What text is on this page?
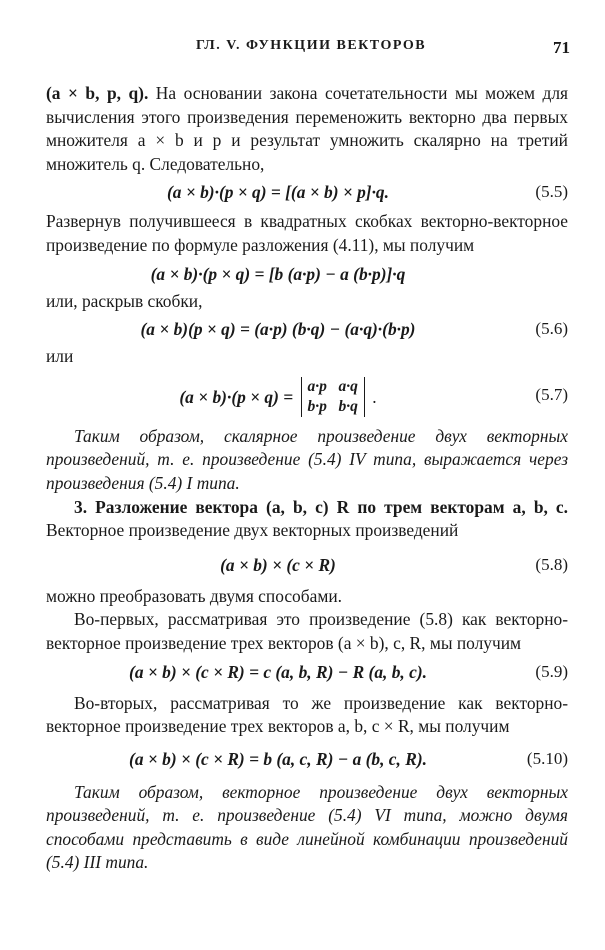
ГЛ. V. ФУНКЦИИ ВЕКТОРОВ	71

(a × b, p, q). На основании закона сочетательности мы можем для вычисления этого произведения переменожить векторно два первых множителя a × b и p и результат умножить скалярно на третий множитель q. Следовательно,

(a × b)·(p × q) = [(a × b) × p]·q.	(5.5)

Развернув получившееся в квадратных скобках векторно-векторное произведение по формуле разложения (4.11), мы получим

(a × b)·(p × q) = [b (a·p) − a (b·p)]·q

или, раскрыв скобки,

(a × b)(p × q) = (a·p) (b·q) − (a·q)·(b·p)	(5.6)

или

(a × b)·(p × q) =
a·p   a·q
b·p   b·q .	(5.7)

Таким образом, скалярное произведение двух векторных произведений, т. е. произведение (5.4) IV типа, выражается через произведения (5.4) I типа.

3. Разложение вектора (a, b, c) R по трем векторам a, b, c. Векторное произведение двух векторных произведений

(a × b) × (c × R)	(5.8)

можно преобразовать двумя способами.

Во-первых, рассматривая это произведение (5.8) как векторно-векторное произведение трех векторов (a × b), c, R, мы получим

(a × b) × (c × R) = c (a, b, R) − R (a, b, c).	(5.9)

Во-вторых, рассматривая то же произведение как векторно-векторное произведение трех векторов a, b, c × R, мы получим

(a × b) × (c × R) = b (a, c, R) − a (b, c, R).	(5.10)

Таким образом, векторное произведение двух векторных произведений, т. е. произведение (5.4) VI типа, можно двумя способами представить в виде линейной комбинации произведений (5.4) III типа.
